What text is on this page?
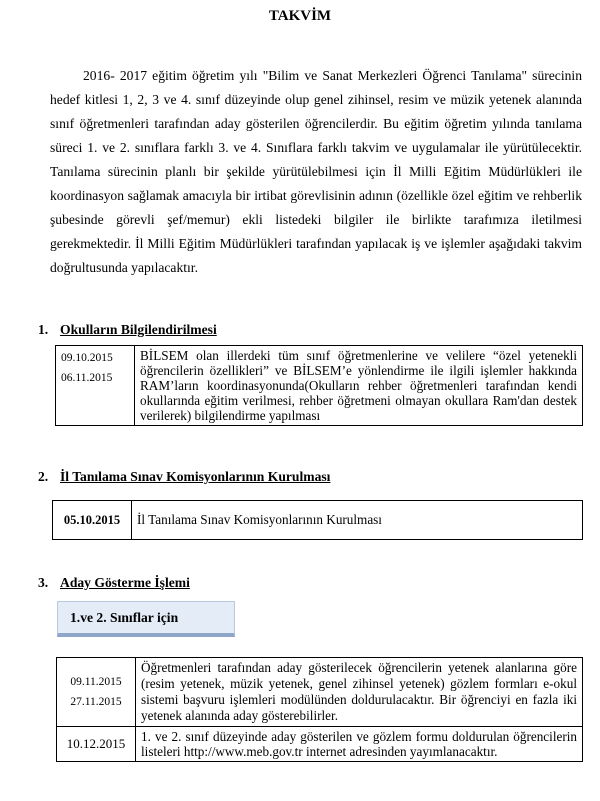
TAKVİM

2016- 2017 eğitim öğretim yılı "Bilim ve Sanat Merkezleri Öğrenci Tanılama" sürecinin hedef kitlesi 1, 2, 3 ve 4. sınıf düzeyinde olup genel zihinsel, resim ve müzik yetenek alanında sınıf öğretmenleri tarafından aday gösterilen öğrencilerdir. Bu eğitim öğretim yılında tanılama süreci 1. ve 2. sınıflara farklı 3. ve 4. Sınıflara farklı takvim ve uygulamalar ile yürütülecektir. Tanılama sürecinin planlı bir şekilde yürütülebilmesi için İl Milli Eğitim Müdürlükleri ile koordinasyon sağlamak amacıyla bir irtibat görevlisinin adının (özellikle özel eğitim ve rehberlik şubesinde görevli şef/memur) ekli listedeki bilgiler ile birlikte tarafımıza iletilmesi gerekmektedir. İl Milli Eğitim Müdürlükleri tarafından yapılacak iş ve işlemler aşağıdaki takvim doğrultusunda yapılacaktır.

1. Okulların Bilgilendirilmesi
09.10.2015
06.11.2015
	BİLSEM olan illerdeki tüm sınıf öğretmenlerine ve velilere “özel yetenekli öğrencilerin özellikleri” ve BİLSEM’e yönlendirme ile ilgili işlemler hakkında RAM’ların koordinasyonunda(Okulların rehber öğretmenleri tarafından kendi okullarında eğitim verilmesi, rehber öğretmeni olmayan okullara Ram'dan destek verilerek) bilgilendirme yapılması
2. İl Tanılama Sınav Komisyonlarının Kurulması
05.10.2015	İl Tanılama Sınav Komisyonlarının Kurulması
3. Aday Gösterme İşlemi
1.ve 2. Sınıflar için
09.11.2015
27.11.2015	Öğretmenleri tarafından aday gösterilecek öğrencilerin yetenek alanlarına göre (resim yetenek, müzik yetenek, genel zihinsel yetenek) gözlem formları e-okul sistemi başvuru işlemleri modülünden doldurulacaktır. Bir öğrenciyi en fazla iki yetenek alanında aday gösterebilirler.
10.12.2015	1. ve 2. sınıf düzeyinde aday gösterilen ve gözlem formu doldurulan öğrencilerin listeleri http://www.meb.gov.tr internet adresinden yayımlanacaktır.
